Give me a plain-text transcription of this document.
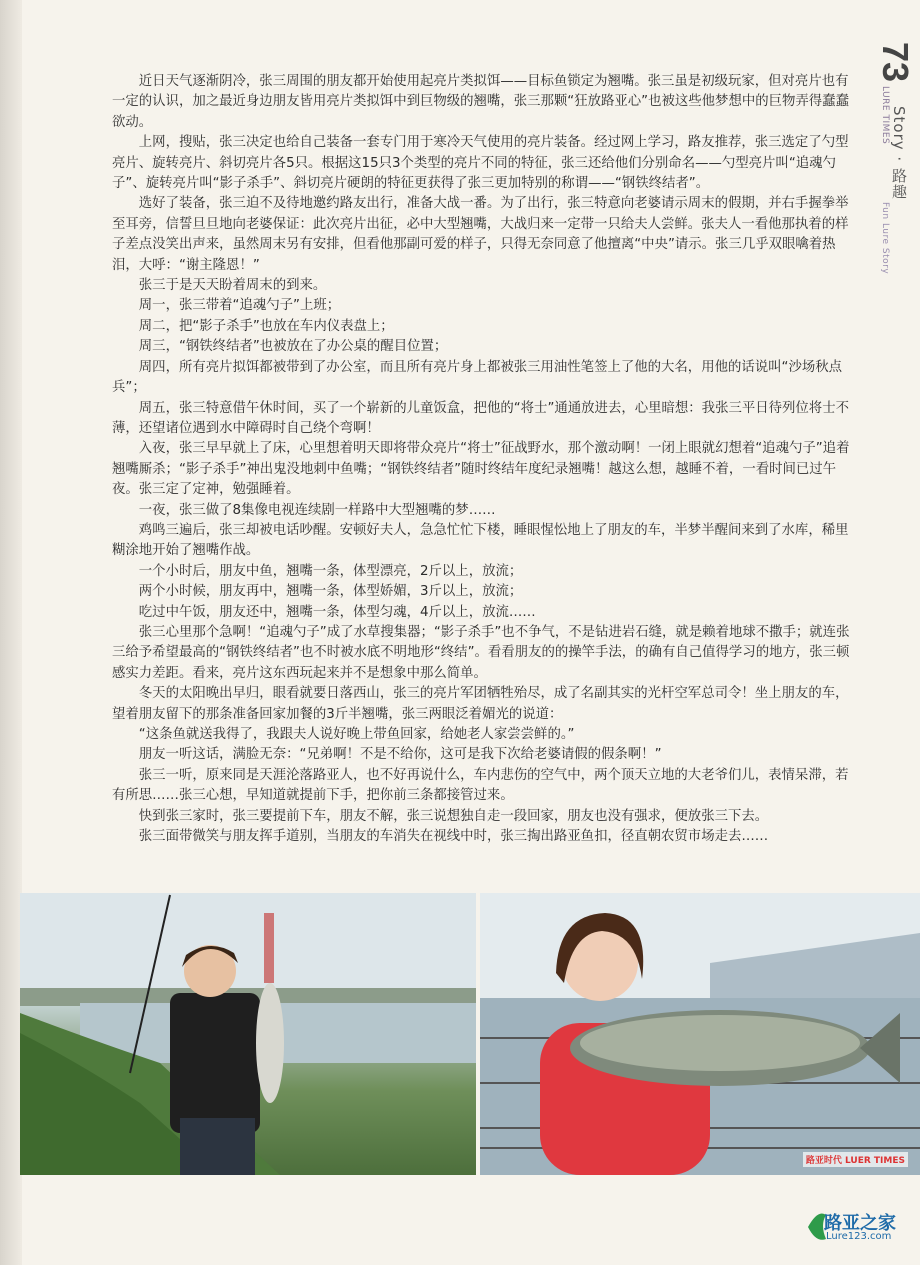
73
LURE TIMES
Fun Lure Story
Story · 路趣

近日天气逐渐阴冷，张三周围的朋友都开始使用起亮片类拟饵——目标鱼锁定为翘嘴。张三虽是初级玩家，但对亮片也有一定的认识，加之最近身边朋友皆用亮片类拟饵中到巨物级的翘嘴，张三那颗“狂放路亚心”也被这些他梦想中的巨物弄得蠢蠢欲动。

上网，搜贴，张三决定也给自己装备一套专门用于寒冷天气使用的亮片装备。经过网上学习，路友推荐，张三选定了勺型亮片、旋转亮片、斜切亮片各5只。根据这15只3个类型的亮片不同的特征，张三还给他们分别命名——勺型亮片叫“追魂勺子”、旋转亮片叫“影子杀手”、斜切亮片硬朗的特征更获得了张三更加特别的称谓——“钢铁终结者”。

选好了装备，张三迫不及待地邀约路友出行，准备大战一番。为了出行，张三特意向老婆请示周末的假期，并右手握拳举至耳旁，信誓旦旦地向老婆保证：此次亮片出征，必中大型翘嘴，大战归来一定带一只给夫人尝鲜。张夫人一看他那执着的样子差点没笑出声来，虽然周末另有安排，但看他那副可爱的样子，只得无奈同意了他擅离“中央”请示。张三几乎双眼噙着热泪，大呼：“谢主隆恩！”

张三于是天天盼着周末的到来。

周一，张三带着“追魂勺子”上班；

周二，把“影子杀手”也放在车内仪表盘上；

周三，“钢铁终结者”也被放在了办公桌的醒目位置；

周四，所有亮片拟饵都被带到了办公室，而且所有亮片身上都被张三用油性笔签上了他的大名，用他的话说叫“沙场秋点兵”；

周五，张三特意借午休时间，买了一个崭新的儿童饭盒，把他的“将士”通通放进去，心里暗想：我张三平日待列位将士不薄，还望诸位遇到水中障碍时自己绕个弯啊！

入夜，张三早早就上了床，心里想着明天即将带众亮片“将士”征战野水，那个激动啊！一闭上眼就幻想着“追魂勺子”追着翘嘴厮杀；“影子杀手”神出鬼没地刺中鱼嘴；“钢铁终结者”随时终结年度纪录翘嘴！越这么想，越睡不着，一看时间已过午夜。张三定了定神，勉强睡着。

一夜，张三做了8集像电视连续剧一样路中大型翘嘴的梦……

鸡鸣三遍后，张三却被电话吵醒。安顿好夫人，急急忙忙下楼，睡眼惺忪地上了朋友的车，半梦半醒间来到了水库，稀里糊涂地开始了翘嘴作战。

一个小时后，朋友中鱼，翘嘴一条，体型漂亮，2斤以上，放流；

两个小时候，朋友再中，翘嘴一条，体型娇媚，3斤以上，放流；

吃过中午饭，朋友还中，翘嘴一条，体型匀魂，4斤以上，放流……

张三心里那个急啊！“追魂勺子”成了水草搜集器；“影子杀手”也不争气，不是钻进岩石缝，就是赖着地球不撒手；就连张三给予希望最高的“钢铁终结者”也不时被水底不明地形“终结”。看看朋友的的操竿手法，的确有自己值得学习的地方，张三顿感实力差距。看来，亮片这东西玩起来并不是想象中那么简单。

冬天的太阳晚出早归，眼看就要日落西山，张三的亮片军团牺牲殆尽，成了名副其实的光杆空军总司令！坐上朋友的车，望着朋友留下的那条准备回家加餐的3斤半翘嘴，张三两眼泛着媚光的说道：

“这条鱼就送我得了，我跟夫人说好晚上带鱼回家，给她老人家尝尝鲜的。”

朋友一听这话，满脸无奈：“兄弟啊！不是不给你，这可是我下次给老婆请假的假条啊！”

张三一听，原来同是天涯沦落路亚人，也不好再说什么，车内悲伤的空气中，两个顶天立地的大老爷们儿，表情呆滞，若有所思……张三心想，早知道就提前下手，把你前三条都接管过来。

快到张三家时，张三要提前下车，朋友不解，张三说想独自走一段回家，朋友也没有强求，便放张三下去。

张三面带微笑与朋友挥手道别，当朋友的车消失在视线中时，张三掏出路亚鱼扣，径直朝农贸市场走去……

路亚时代 LUER TIMES
路亚之家
Lure123.com
